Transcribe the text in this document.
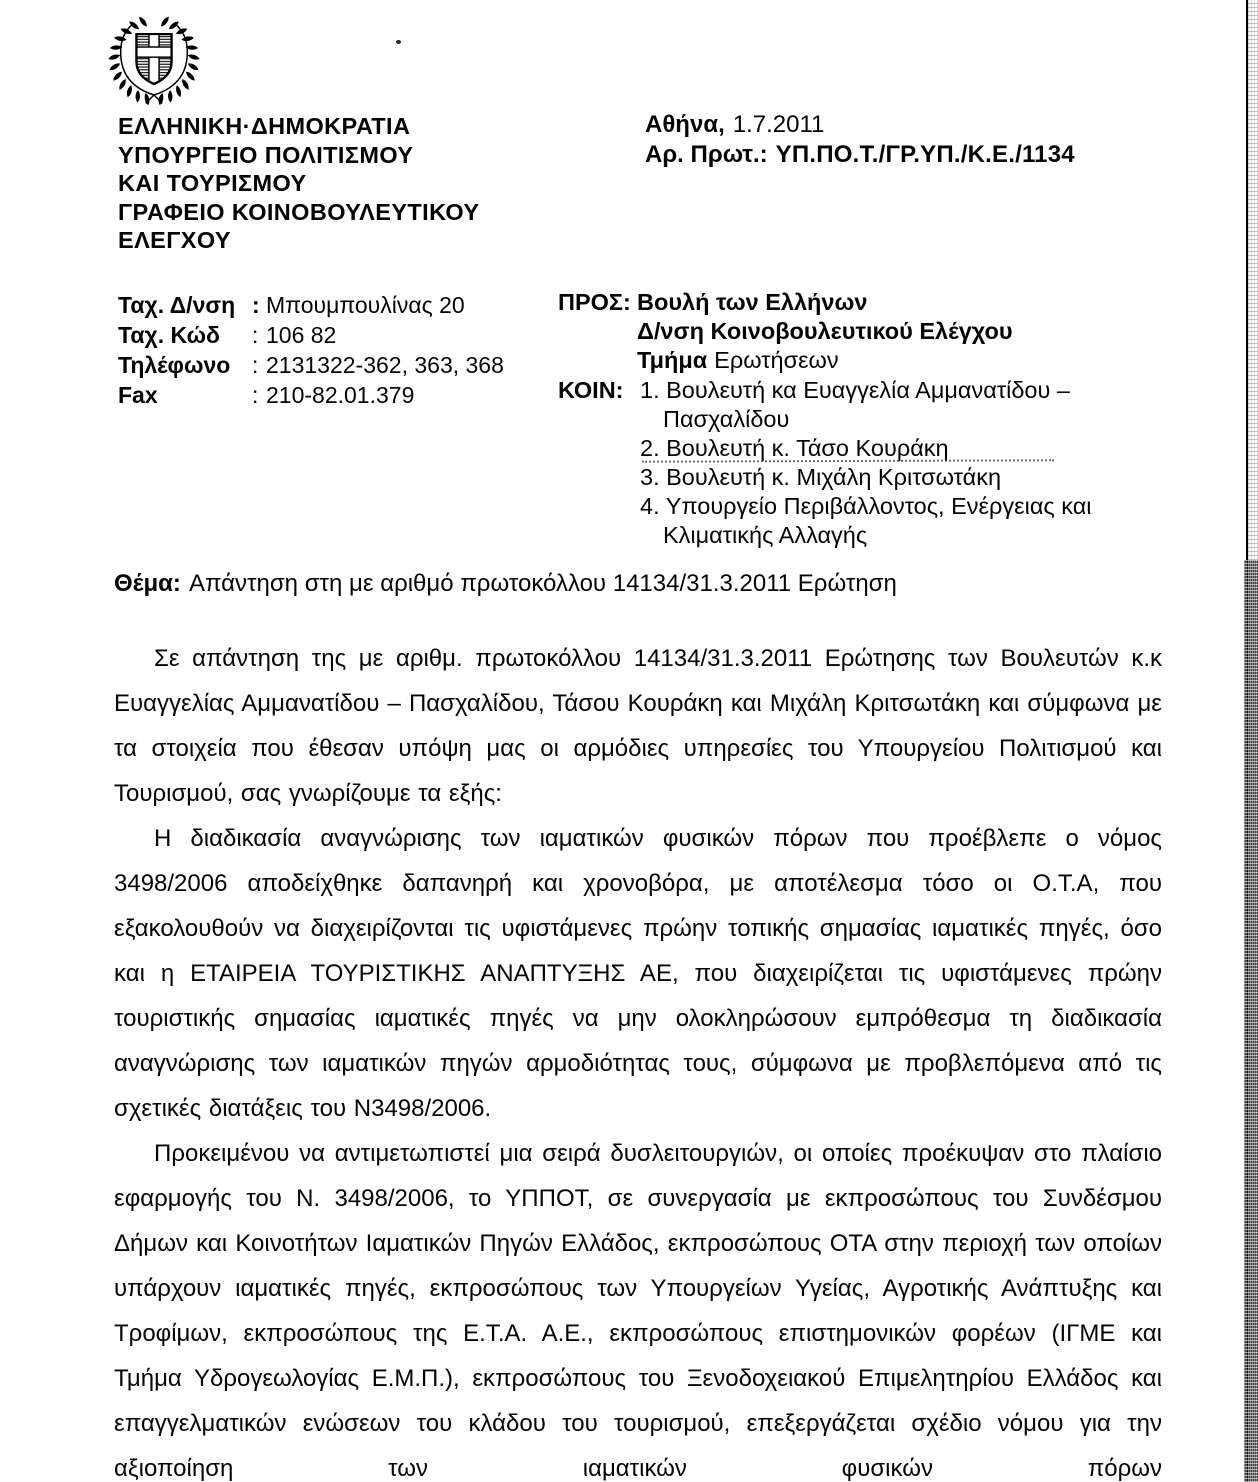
ΕΛΛΗΝΙΚΗ·ΔΗΜΟΚΡΑΤΙΑ
ΥΠΟΥΡΓΕΙΟ ΠΟΛΙΤΙΣΜΟΥ
ΚΑΙ ΤΟΥΡΙΣΜΟΥ
ΓΡΑΦΕΙΟ ΚΟΙΝΟΒΟΥΛΕΥΤΙΚΟΥ
ΕΛΕΓΧΟΥ
Αθήνα, 1.7.2011
Αρ. Πρωτ.: ΥΠ.ΠΟ.Τ./ΓΡ.ΥΠ./Κ.Ε./1134
Ταχ. Δ/νση : Μπουμπουλίνας 20
Ταχ. Κώδ	: 106 82
Τηλέφωνο : 2131322-362, 363, 368
Fax	: 210-82.01.379
ΠΡΟΣ: Βουλή των Ελλήνων
Δ/νση Κοινοβουλευτικού Ελέγχου
Τμήμα Ερωτήσεων
ΚΟΙΝ: 1. Βουλευτή κα Ευαγγελία Αμμανατίδου –
Πασχαλίδου
2. Βουλευτή κ. Τάσο Κουράκη
3. Βουλευτή κ. Μιχάλη Κριτσωτάκη
4. Υπουργείο Περιβάλλοντος, Ενέργειας και
Κλιματικής Αλλαγής
Θέμα: Απάντηση στη με αριθμό πρωτοκόλλου 14134/31.3.2011 Ερώτηση

Σε απάντηση της με αριθμ. πρωτοκόλλου 14134/31.3.2011 Ερώτησης των Βουλευτών κ.κ Ευαγγελίας Αμμανατίδου – Πασχαλίδου, Τάσου Κουράκη και Μιχάλη Κριτσωτάκη και σύμφωνα με τα στοιχεία που έθεσαν υπόψη μας οι αρμόδιες υπηρεσίες του Υπουργείου Πολιτισμού και Τουρισμού, σας γνωρίζουμε τα εξής:

Η διαδικασία αναγνώρισης των ιαματικών φυσικών πόρων που προέβλεπε ο νόμος 3498/2006 αποδείχθηκε δαπανηρή και χρονοβόρα, με αποτέλεσμα τόσο οι Ο.Τ.Α, που εξακολουθούν να διαχειρίζονται τις υφιστάμενες πρώην τοπικής σημασίας ιαματικές πηγές, όσο και η ΕΤΑΙΡΕΙΑ ΤΟΥΡΙΣΤΙΚΗΣ ΑΝΑΠΤΥΞΗΣ ΑΕ, που διαχειρίζεται τις υφιστάμενες πρώην τουριστικής σημασίας ιαματικές πηγές να μην ολοκληρώσουν εμπρόθεσμα τη διαδικασία αναγνώρισης των ιαματικών πηγών αρμοδιότητας τους, σύμφωνα με προβλεπόμενα από τις σχετικές διατάξεις του Ν3498/2006.

Προκειμένου να αντιμετωπιστεί μια σειρά δυσλειτουργιών, οι οποίες προέκυψαν στο πλαίσιο εφαρμογής του Ν. 3498/2006, το ΥΠΠΟΤ, σε συνεργασία με εκπροσώπους του Συνδέσμου Δήμων και Κοινοτήτων Ιαματικών Πηγών Ελλάδος, εκπροσώπους ΟΤΑ στην περιοχή των οποίων υπάρχουν ιαματικές πηγές, εκπροσώπους των Υπουργείων Υγείας, Αγροτικής Ανάπτυξης και Τροφίμων, εκπροσώπους της Ε.Τ.Α. Α.Ε., εκπροσώπους επιστημονικών φορέων (ΙΓΜΕ και Τμήμα Υδρογεωλογίας Ε.Μ.Π.), εκπροσώπους του Ξενοδοχειακού Επιμελητηρίου Ελλάδος και επαγγελματικών ενώσεων του κλάδου του τουρισμού, επεξεργάζεται σχέδιο νόμου για την αξιοποίηση των ιαματικών φυσικών πόρων
